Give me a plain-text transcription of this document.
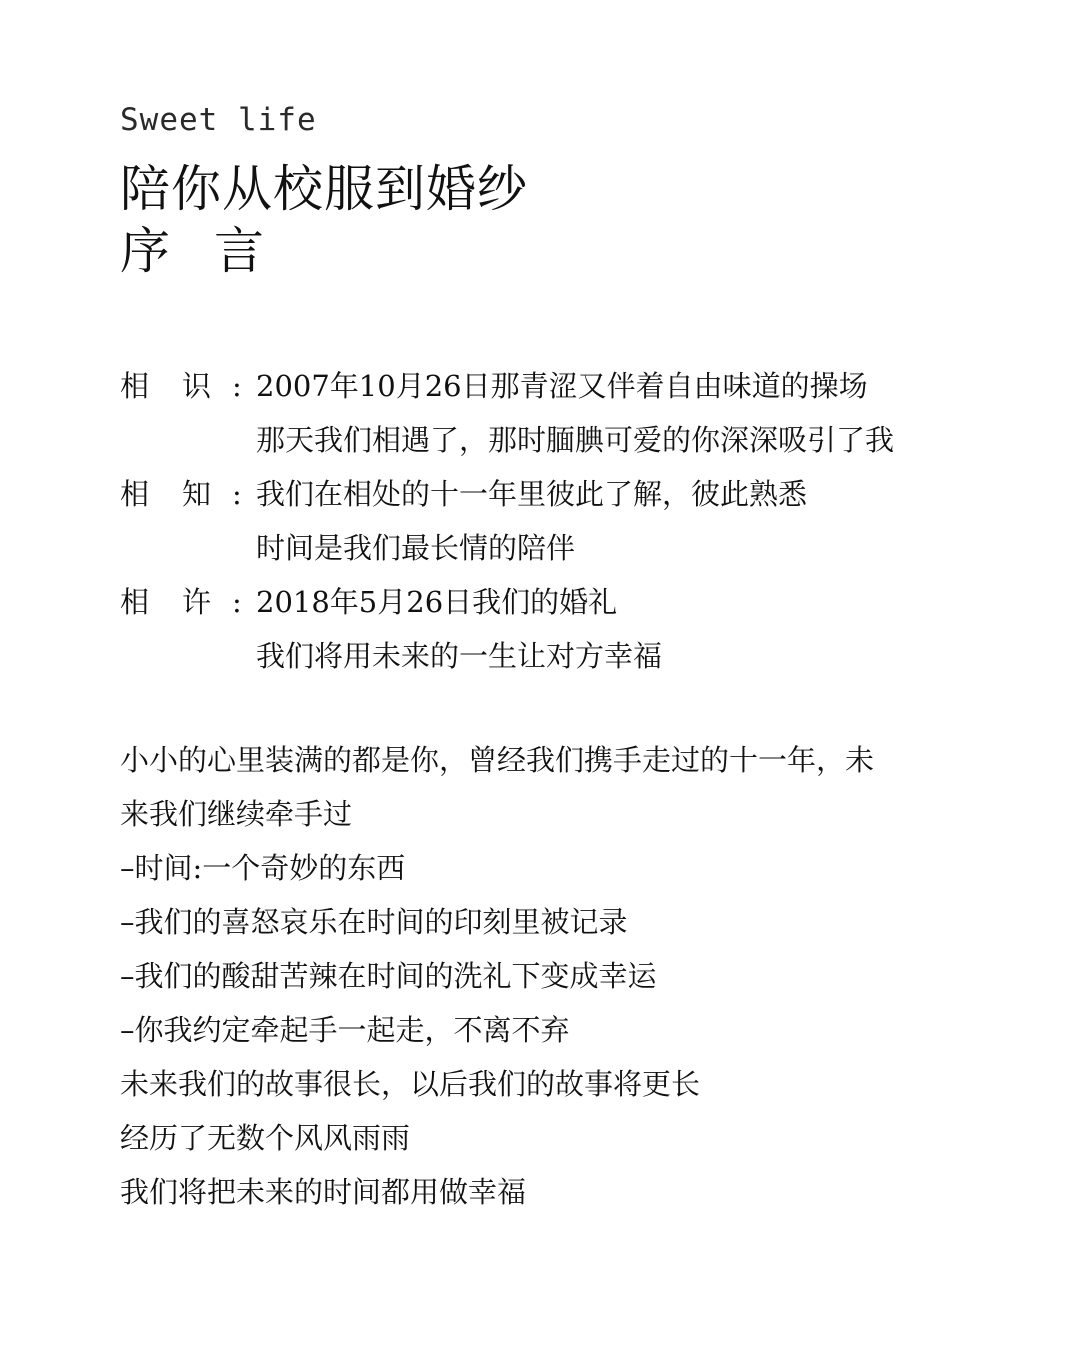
Sweet life
陪你从校服到婚纱
序 言
相	识 : 2007年10月26日那青涩又伴着自由味道的操场
那天我们相遇了，那时腼腆可爱的你深深吸引了我
相	知 : 我们在相处的十一年里彼此了解，彼此熟悉
时间是我们最长情的陪伴
相	许 : 2018年5月26日我们的婚礼
我们将用未来的一生让对方幸福
小小的心里装满的都是你，曾经我们携手走过的十一年，未
来我们继续牵手过
–时间:一个奇妙的东西
–我们的喜怒哀乐在时间的印刻里被记录
–我们的酸甜苦辣在时间的洗礼下变成幸运
–你我约定牵起手一起走，不离不弃
未来我们的故事很长，以后我们的故事将更长
经历了无数个风风雨雨
我们将把未来的时间都用做幸福
